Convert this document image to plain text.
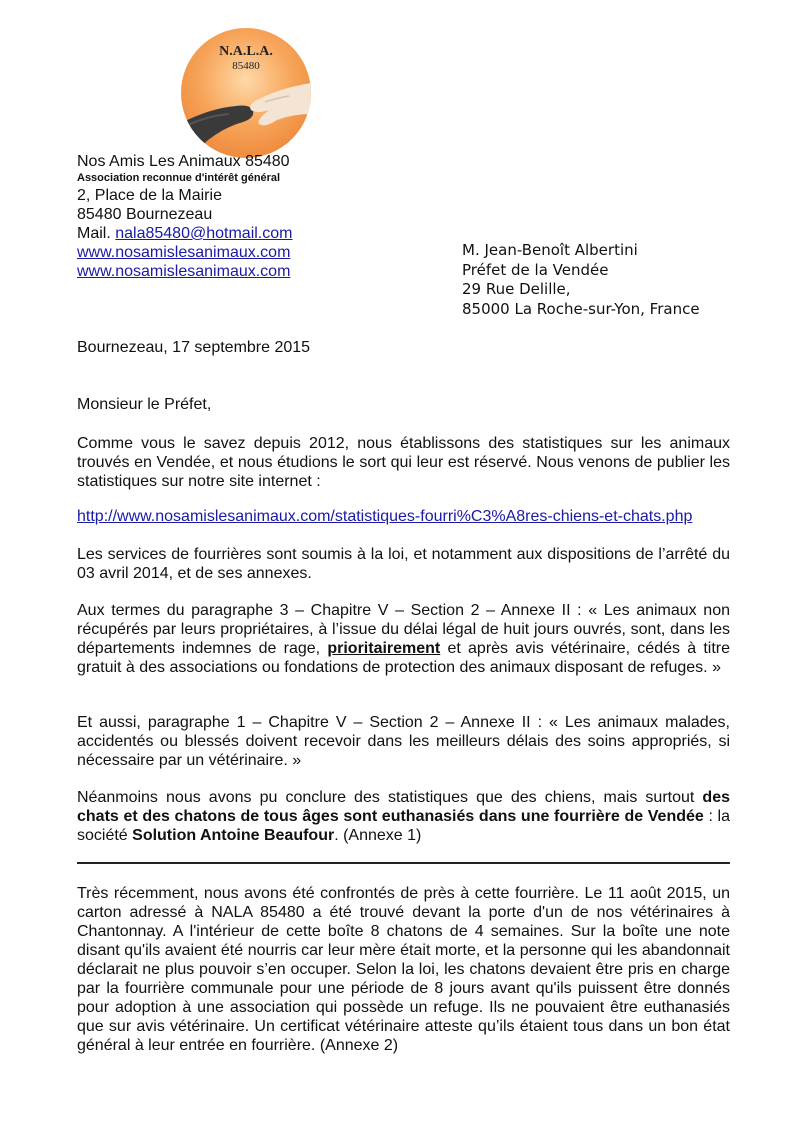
N.A.L.A.
85480
Nos Amis Les Animaux 85480
Association reconnue d'intérêt général
2, Place de la Mairie
85480 Bournezeau
Mail. nala85480@hotmail.com
www.nosamislesanimaux.com
www.nosamislesanimaux.com
M. Jean-Benoît Albertini
Préfet de la Vendée
29 Rue Delille,
85000 La Roche-sur-Yon, France
Bournezeau, 17 septembre 2015
Monsieur le Préfet,
Comme vous le savez depuis 2012, nous établissons des statistiques sur les animaux trouvés en Vendée, et nous étudions le sort qui leur est réservé. Nous venons de publier les statistiques sur notre site internet :
http://www.nosamislesanimaux.com/statistiques-fourri%C3%A8res-chiens-et-chats.php
Les services de fourrières sont soumis à la loi, et notamment aux dispositions de l’arrêté du 03 avril 2014, et de ses annexes.
Aux termes du paragraphe 3 – Chapitre V – Section 2 – Annexe II : « Les animaux non récupérés par leurs propriétaires, à l’issue du délai légal de huit jours ouvrés, sont, dans les départements indemnes de rage, prioritairement et après avis vétérinaire, cédés à titre gratuit à des associations ou fondations de protection des animaux disposant de refuges. »
Et aussi, paragraphe 1 – Chapitre V – Section 2 – Annexe II : « Les animaux malades, accidentés ou blessés doivent recevoir dans les meilleurs délais des soins appropriés, si nécessaire par un vétérinaire. »
Néanmoins nous avons pu conclure des statistiques que des chiens, mais surtout des chats et des chatons de tous âges sont euthanasiés dans une fourrière de Vendée : la société Solution Antoine Beaufour. (Annexe 1)
Très récemment, nous avons été confrontés de près à cette fourrière. Le 11 août 2015, un carton adressé à NALA 85480 a été trouvé devant la porte d'un de nos vétérinaires à Chantonnay. A l'intérieur de cette boîte 8 chatons de 4 semaines. Sur la boîte une note disant qu'ils avaient été nourris car leur mère était morte, et la personne qui les abandonnait déclarait ne plus pouvoir s’en occuper. Selon la loi, les chatons devaient être pris en charge par la fourrière communale pour une période de 8 jours avant qu'ils puissent être donnés pour adoption à une association qui possède un refuge. Ils ne pouvaient être euthanasiés que sur avis vétérinaire. Un certificat vétérinaire atteste qu’ils étaient tous dans un bon état général à leur entrée en fourrière. (Annexe 2)
